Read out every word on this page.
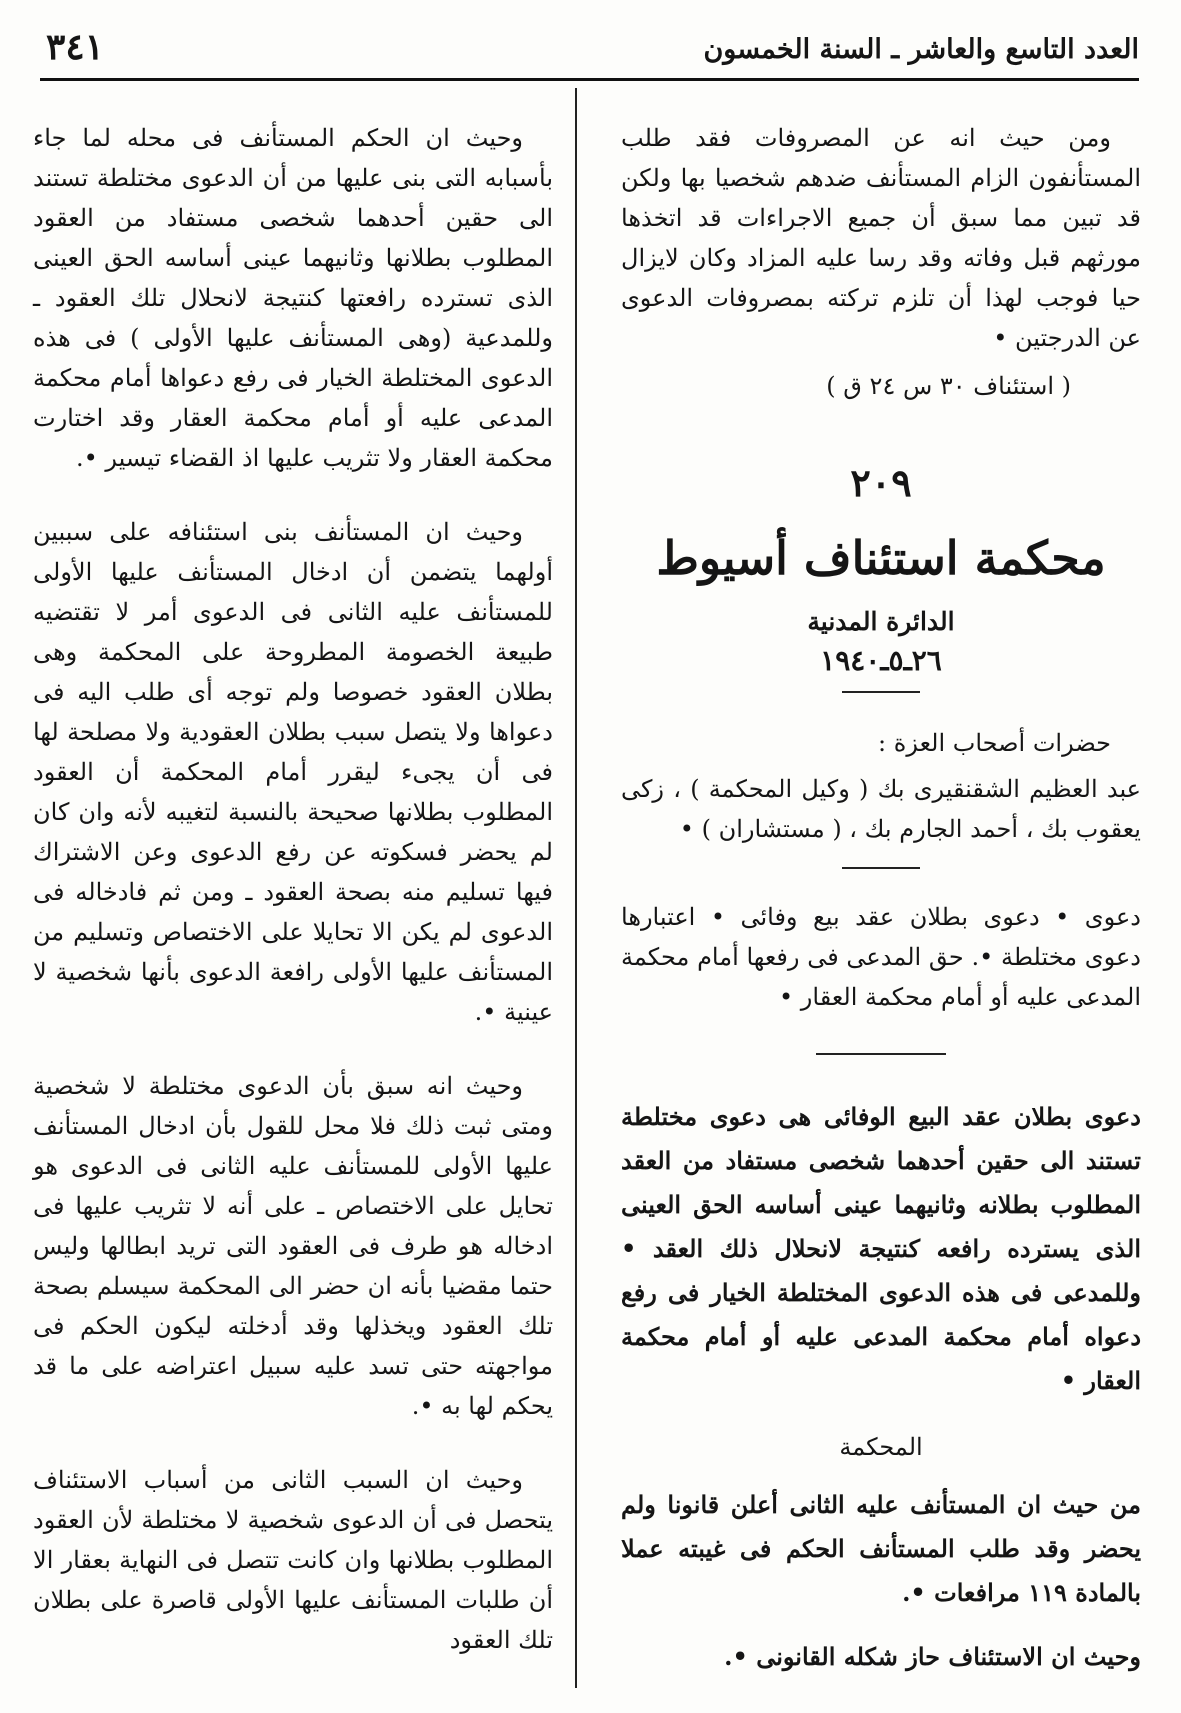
العدد التاسع والعاشر ـ السنة الخمسون
٣٤١

ومن حيث انه عن المصروفات فقد طلب المستأنفون الزام المستأنف ضدهم شخصيا بها ولكن قد تبين مما سبق أن جميع الاجراءات قد اتخذها مورثهم قبل وفاته وقد رسا عليه المزاد وكان لايزال حيا فوجب لهذا أن تلزم تركته بمصروفات الدعوى عن الدرجتين •

( استئناف ٣٠ س ٢٤ ق )

٢٠٩

محكمة استئناف أسيوط

الدائرة المدنية

٢٦ـ٥ـ١٩٤٠

حضرات أصحاب العزة :

عبد العظيم الشقنقيرى بك ( وكيل المحكمة ) ، زكى يعقوب بك ، أحمد الجارم بك ، ( مستشاران ) •

دعوى • دعوى بطلان عقد بيع وفائى • اعتبارها دعوى مختلطة •. حق المدعى فى رفعها أمام محكمة المدعى عليه أو أمام محكمة العقار •

دعوى بطلان عقد البيع الوفائى هى دعوى مختلطة تستند الى حقين أحدهما شخصى مستفاد من العقد المطلوب بطلانه وثانيهما عينى أساسه الحق العينى الذى يسترده رافعه كنتيجة لانحلال ذلك العقد • وللمدعى فى هذه الدعوى المختلطة الخيار فى رفع دعواه أمام محكمة المدعى عليه أو أمام محكمة العقار •

المحكمة

من حيث ان المستأنف عليه الثانى أعلن قانونا ولم يحضر وقد طلب المستأنف الحكم فى غيبته عملا بالمادة ١١٩ مرافعات •.

وحيث ان الاستئناف حاز شكله القانونى •.

وحيث ان الحكم المستأنف فى محله لما جاء بأسبابه التى بنى عليها من أن الدعوى مختلطة تستند الى حقين أحدهما شخصى مستفاد من العقود المطلوب بطلانها وثانيهما عينى أساسه الحق العينى الذى تسترده رافعتها كنتيجة لانحلال تلك العقود ـ وللمدعية (وهى المستأنف عليها الأولى ) فى هذه الدعوى المختلطة الخيار فى رفع دعواها أمام محكمة المدعى عليه أو أمام محكمة العقار وقد اختارت محكمة العقار ولا تثريب عليها اذ القضاء تيسير •.

وحيث ان المستأنف بنى استئنافه على سببين أولهما يتضمن أن ادخال المستأنف عليها الأولى للمستأنف عليه الثانى فى الدعوى أمر لا تقتضيه طبيعة الخصومة المطروحة على المحكمة وهى بطلان العقود خصوصا ولم توجه أى طلب اليه فى دعواها ولا يتصل سبب بطلان العقودية ولا مصلحة لها فى أن يجىء ليقرر أمام المحكمة أن العقود المطلوب بطلانها صحيحة بالنسبة لتغيبه لأنه وان كان لم يحضر فسكوته عن رفع الدعوى وعن الاشتراك فيها تسليم منه بصحة العقود ـ ومن ثم فادخاله فى الدعوى لم يكن الا تحايلا على الاختصاص وتسليم من المستأنف عليها الأولى رافعة الدعوى بأنها شخصية لا عينية •.

وحيث انه سبق بأن الدعوى مختلطة لا شخصية ومتى ثبت ذلك فلا محل للقول بأن ادخال المستأنف عليها الأولى للمستأنف عليه الثانى فى الدعوى هو تحايل على الاختصاص ـ على أنه لا تثريب عليها فى ادخاله هو طرف فى العقود التى تريد ابطالها وليس حتما مقضيا بأنه ان حضر الى المحكمة سيسلم بصحة تلك العقود ويخذلها وقد أدخلته ليكون الحكم فى مواجهته حتى تسد عليه سبيل اعتراضه على ما قد يحكم لها به •.

وحيث ان السبب الثانى من أسباب الاستئناف يتحصل فى أن الدعوى شخصية لا مختلطة لأن العقود المطلوب بطلانها وان كانت تتصل فى النهاية بعقار الا أن طلبات المستأنف عليها الأولى قاصرة على بطلان تلك العقود
